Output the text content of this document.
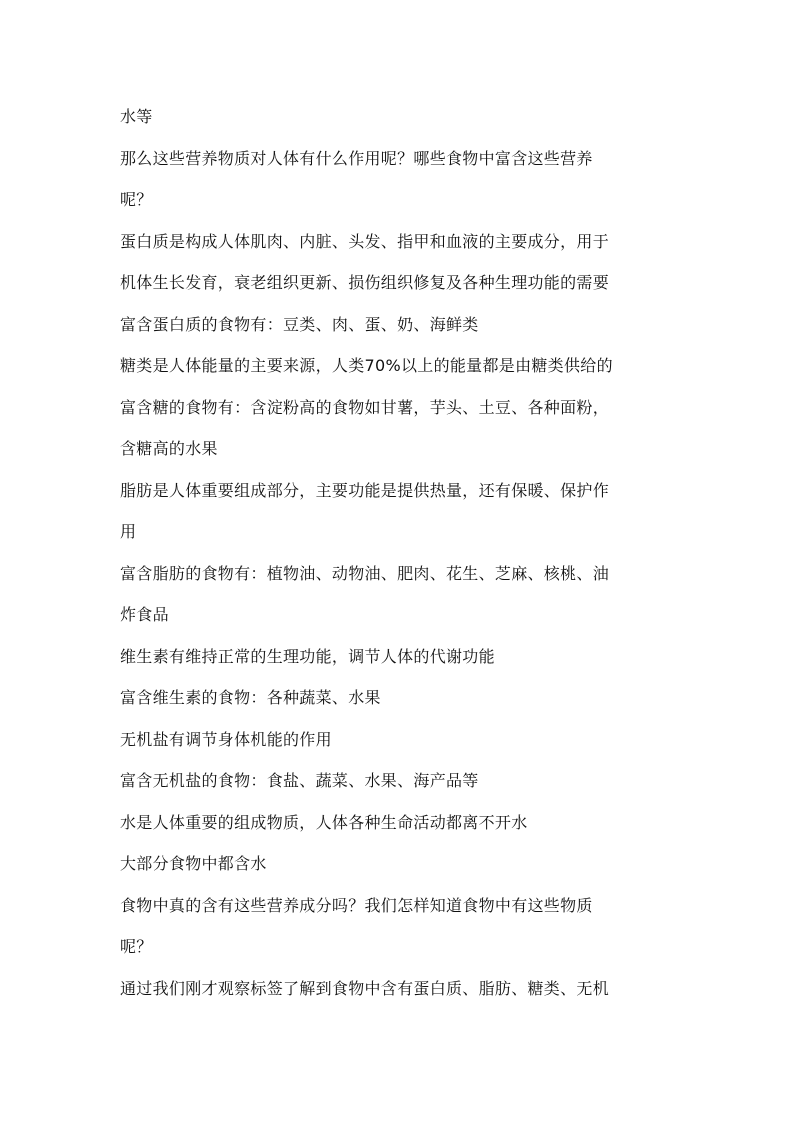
水等
那么这些营养物质对人体有什么作用呢？哪些食物中富含这些营养
呢？
蛋白质是构成人体肌肉、内脏、头发、指甲和血液的主要成分，用于
机体生长发育，衰老组织更新、损伤组织修复及各种生理功能的需要
富含蛋白质的食物有：豆类、肉、蛋、奶、海鲜类
糖类是人体能量的主要来源，人类70%以上的能量都是由糖类供给的
富含糖的食物有：含淀粉高的食物如甘薯，芋头、土豆、各种面粉，
含糖高的水果
脂肪是人体重要组成部分，主要功能是提供热量，还有保暖、保护作
用
富含脂肪的食物有：植物油、动物油、肥肉、花生、芝麻、核桃、油
炸食品
维生素有维持正常的生理功能，调节人体的代谢功能
富含维生素的食物：各种蔬菜、水果
无机盐有调节身体机能的作用
富含无机盐的食物：食盐、蔬菜、水果、海产品等
水是人体重要的组成物质，人体各种生命活动都离不开水
大部分食物中都含水
食物中真的含有这些营养成分吗？我们怎样知道食物中有这些物质
呢？
通过我们刚才观察标签了解到食物中含有蛋白质、脂肪、糖类、无机
